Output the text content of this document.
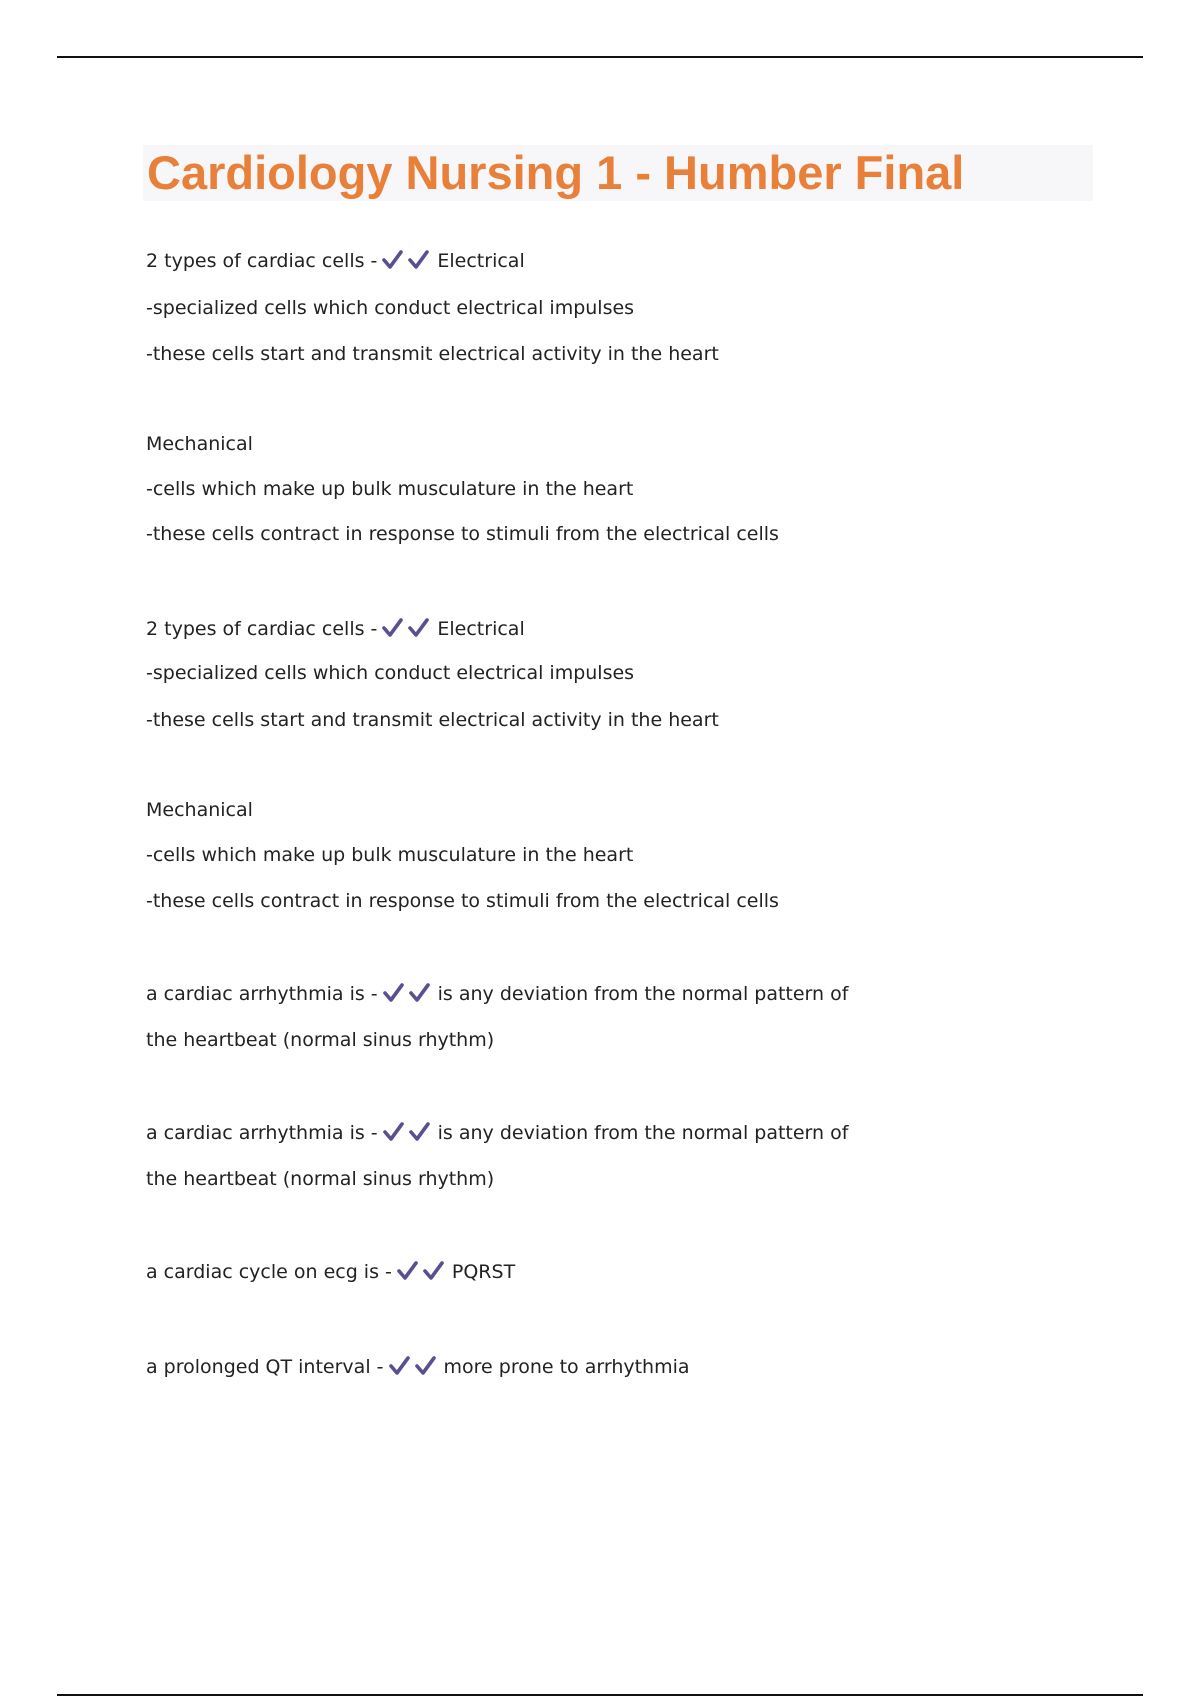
Cardiology Nursing 1 - Humber Final

2 types of cardiac cells -	Electrical

-specialized cells which conduct electrical impulses

-these cells start and transmit electrical activity in the heart

Mechanical

-cells which make up bulk musculature in the heart

-these cells contract in response to stimuli from the electrical cells

2 types of cardiac cells -	Electrical

-specialized cells which conduct electrical impulses

-these cells start and transmit electrical activity in the heart

Mechanical

-cells which make up bulk musculature in the heart

-these cells contract in response to stimuli from the electrical cells

a cardiac arrhythmia is -	is any deviation from the normal pattern of

the heartbeat (normal sinus rhythm)

a cardiac arrhythmia is -	is any deviation from the normal pattern of

the heartbeat (normal sinus rhythm)

a cardiac cycle on ecg is -	PQRST

a prolonged QT interval -	more prone to arrhythmia
